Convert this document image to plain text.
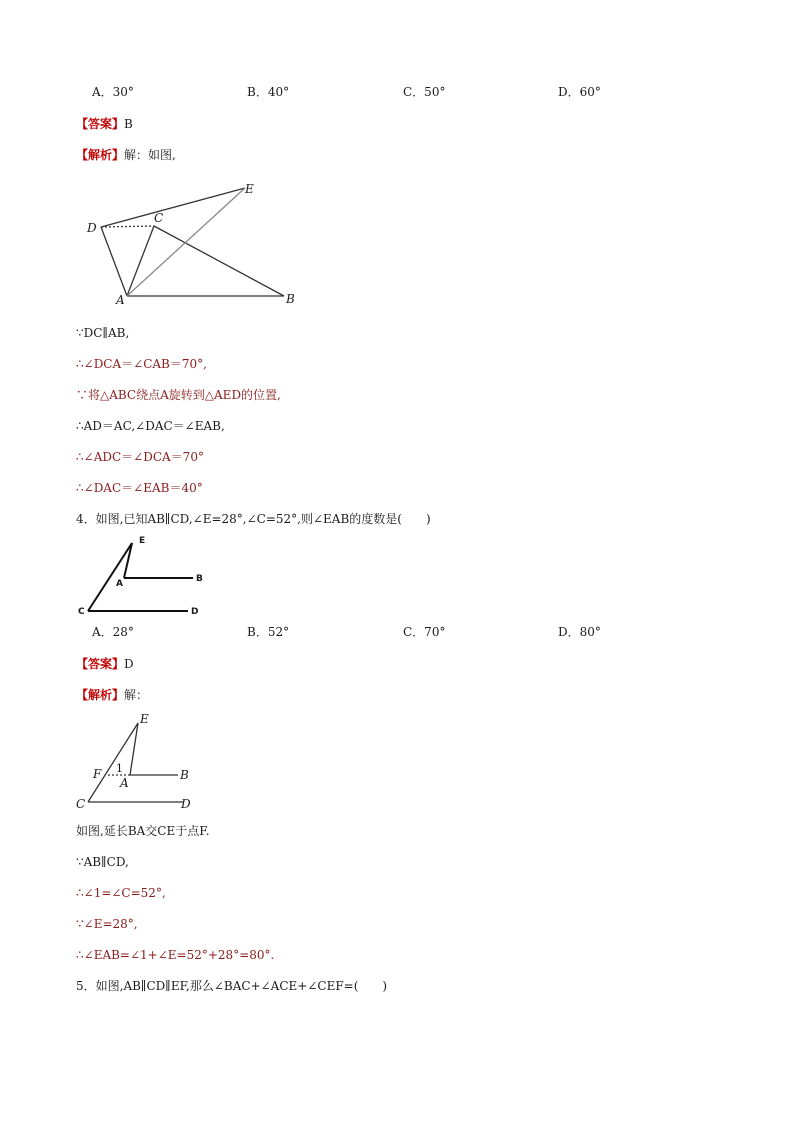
A．30°	B．40°	C．50°	D．60°
【答案】B
【解析】解：如图,
D
C
E
A	B
∵DC∥AB,
∴∠DCA＝∠CAB＝70°,
∵将△ABC绕点A旋转到△AED的位置,
∴AD＝AC,∠DAC＝∠EAB,
∴∠ADC＝∠DCA＝70°
∴∠DAC＝∠EAB＝40°
4．如图,已知AB∥CD,∠E=28°,∠C=52°,则∠EAB的度数是(　　)
E
A	B
C	D
A．28°	B．52°	C．70°	D．80°
【答案】D
【解析】解：
E
F 1
A
B
C	D
如图,延长BA交CE于点F.
∵AB∥CD,
∴∠1=∠C=52°,
∵∠E=28°,
∴∠EAB=∠1+∠E=52°+28°=80°.
5．如图,AB∥CD∥EF,那么∠BAC+∠ACE+∠CEF=(　　)
